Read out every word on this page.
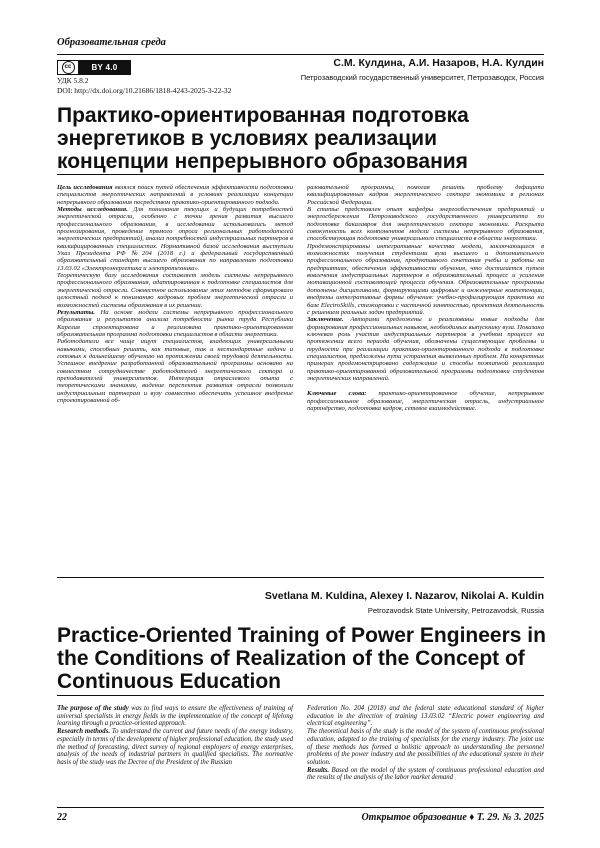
Образовательная среда
cc	BY 4.0
УДК 5.8.2
DOI: http://dx.doi.org/10.21686/1818-4243-2025-3-22-32
С.М. Кулдина, А.И. Назаров, Н.А. Кулдин
Петрозаводский государственный университет, Петрозаводск, Россия
Практико-ориентированная подготовка энергетиков в условиях реализации концепции непрерывного образования

Цель исследования являлся поиск путей обеспечения эффективности подготовки специалистов энергетических направлений в условиях реализации концепции непрерывного образования посредством практико-ориентированного подхода.

Методы исследования. Для понимания текущих и будущих потребностей энергетической отрасли, особенно с точки зрения развития высшего профессионального образования, в исследовании использовались метод прогнозирования, проведение прямого опроса региональных работодателей энергетических предприятий), анализ потребностей индустриальных партнеров в квалифицированных специалистах. Нормативной базой исследования выступили Указ Президента РФ №204 (2018 г.) и федеральный государственный образовательный стандарт высшего образования по направлению подготовки 13.03.02 «Электроэнергетика и электротехника».

Теоретическую базу исследования составляет модель системы непрерывного профессионального образования, адаптированная к подготовке специалистов для энергетической отрасли. Совместное использование этих методов сформировало целостный подход к пониманию кадровых проблем энергетической отрасли и возможностей системы образования в их решении.

Результаты. На основе модели системы непрерывного профессионального образования и результатов анализа потребности рынка труда Республики Карелия спроектирована и реализована практико-ориентированная образовательная программа подготовки специалистов в области энергетики.

Работодатели все чаще ищут специалистов, владеющих универсальными навыками, способных решать, как типовые, так и нестандартные задачи и готовых к дальнейшему обучению на протяжении своей трудовой деятельности. Успешное внедрение разработанной образовательной программы основано на совместном сотрудничестве работодателей энергетического сектора и преподавателей университетов. Интеграция отраслевого опыта с теоретическими знаниями, видение перспектив развития отрасли позволили индустриальным партнерам и вузу совместно обеспечить успешное внедрение спроектированной об-

разовательной программы, помогая решить проблему дефицита квалифицированных кадров энергетического сектора экономики в регионах Российской Федерации.

В статье представлен опыт кафедры энергообеспечения предприятий и энергосбережения Петрозаводского государственного университета по подготовке бакалавров для энергетического сектора экономики. Раскрыта совокупность всех компонентов модели системы непрерывного образования, способствующая подготовке универсального специалиста в области энергетики.

Продемонстрированы интегративные качества модели, заключающиеся в возможностях получения студентами вуза высшего и дополнительного профессионального образования, продуктивного сочетания учебы и работы на предприятиях, обеспечения эффективности обучения, что достигается путем вовлечения индустриальных партнеров в образовательный процесс и усиления мотивационной составляющей процесса обучения. Образовательные программы дополнены дисциплинами, формирующими цифровые и инженерные компетенции, внедрены интегративные формы обучения: учебно-профилирующая практика на базе ElectroSkills, стажировки с частичной занятостью, проектная деятельность с решением реальных задач предприятий.

Заключение. Авторами предложены и реализованы новые подходы для формирования профессиональных навыков, необходимых выпускнику вуза. Показана ключевая роль участия индустриальных партнеров в учебном процессе на протяжении всего периода обучения, обозначены существующие проблемы и трудности при реализации практико-ориентированного подхода в подготовке специалистов, предложены пути устранения выявленных проблем. На конкретных примерах продемонстрировано содержание и способы поэтапной реализации практико-ориентированной образовательной программы подготовки студентов энергетических направлений.

Ключевые слова: практико-ориентированное обучение, непрерывное профессиональное образование, энергетическая отрасль, индустриальное партнёрство, подготовка кадров, сетевое взаимодействие.

Svetlana M. Kuldina, Alexey I. Nazarov, Nikolai A. Kuldin
Petrozavodsk State University, Petrozavodsk, Russia
Practice-Oriented Training of Power Engineers in the Conditions of Realization of the Concept of Continuous Education

The purpose of the study was to find ways to ensure the effectiveness of training of universal specialists in energy fields in the implementation of the concept of lifelong learning through a practice-oriented approach.

Research methods. To understand the current and future needs of the energy industry, especially in terms of the development of higher professional education, the study used the method of forecasting, direct survey of regional employers of energy enterprises, analysis of the needs of industrial partners in qualified specialists. The normative basis of the study was the Decree of the President of the Russian

Federation No. 204 (2018) and the federal state educational standard of higher education in the direction of training 13.03.02 “Electric power engineering and electrical engineering”.

The theoretical basis of the study is the model of the system of continuous professional education, adapted to the training of specialists for the energy industry. The joint use of these methods has formed a holistic approach to understanding the personnel problems of the power industry and the possibilities of the educational system in their solution.

Results. Based on the model of the system of continuous professional education and the results of the analysis of the labor market demand

22	Открытое образование ♦ Т. 29. № 3. 2025
